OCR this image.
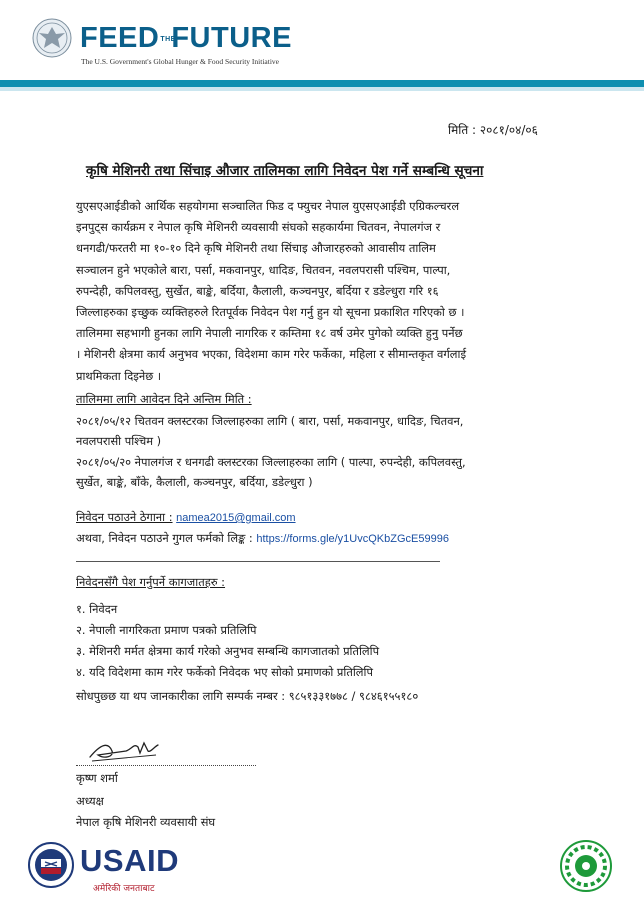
FEEDTHEFUTURE
The U.S. Government's Global Hunger & Food Security Initiative
मिति : २०८१/०४/०६
कृषि मेशिनरी तथा सिंचाइ औजार तालिमका लागि निवेदन पेश गर्ने सम्बन्धि सूचना
युएसएआईडीको आर्थिक सहयोगमा सञ्चालित फिड द फ्युचर नेपाल युएसएआईडी एग्रिकल्चरल
इनपुट्स कार्यक्रम र नेपाल कृषि मेशिनरी व्यवसायी संघको सहकार्यमा चितवन, नेपालगंज र
धनगढी/फरतरी मा १०-१० दिने कृषि मेशिनरी तथा सिंचाइ औजारहरुको आवासीय तालिम
सञ्चालन हुने भएकोले बारा, पर्सा, मकवानपुर, धादिङ, चितवन, नवलपरासी पश्चिम, पाल्पा,
रुपन्देही, कपिलवस्तु, सुर्खेत, बाङ्के, बर्दिया, कैलाली, कञ्चनपुर, बर्दिया र डडेल्धुरा गरि १६
जिल्लाहरुका इच्छुक व्यक्तिहरुले रितपूर्वक निवेदन पेश गर्नु हुन यो सूचना प्रकाशित गरिएको छ ।
तालिममा सहभागी हुनका लागि नेपाली नागरिक र कम्तिमा १८ वर्ष उमेर पुगेको व्यक्ति हुनु पर्नेछ
। मेशिनरी क्षेत्रमा कार्य अनुभव भएका, विदेशमा काम गरेर फर्केका, महिला र सीमान्तकृत वर्गलाई
प्राथमिकता दिइनेछ ।
तालिममा लागि आवेदन दिने अन्तिम मिति :
२०८१/०५/१२ चितवन क्लस्टरका जिल्लाहरुका लागि ( बारा, पर्सा, मकवानपुर, धादिङ, चितवन,
नवलपरासी पश्चिम )
२०८१/०५/२० नेपालगंज र धनगढी क्लस्टरका जिल्लाहरुका लागि ( पाल्पा, रुपन्देही, कपिलवस्तु,
सुर्खेत, बाङ्के, बाँके, कैलाली, कञ्चनपुर, बर्दिया, डडेल्धुरा )
निवेदन पठाउने ठेगाना : namea2015@gmail.com
अथवा, निवेदन पठाउने गुगल फर्मको लिङ्क : https://forms.gle/y1UvcQKbZGcE59996
निवेदनसँगै पेश गर्नुपर्ने कागजातहरु :
१. निवेदन
२. नेपाली नागरिकता प्रमाण पत्रको प्रतिलिपि
३. मेशिनरी मर्मत क्षेत्रमा कार्य गरेको अनुभव सम्बन्धि कागजातको प्रतिलिपि
४. यदि विदेशमा काम गरेर फर्केको निवेदक भए सोको प्रमाणको प्रतिलिपि
सोधपुछ्छ या थप जानकारीका लागि सम्पर्क नम्बर : ९८५१३३१७७८ / ९८४६१५५१८०
कृष्ण शर्मा
अध्यक्ष
नेपाल कृषि मेशिनरी व्यवसायी संघ
USAID
अमेरिकी जनताबाट
